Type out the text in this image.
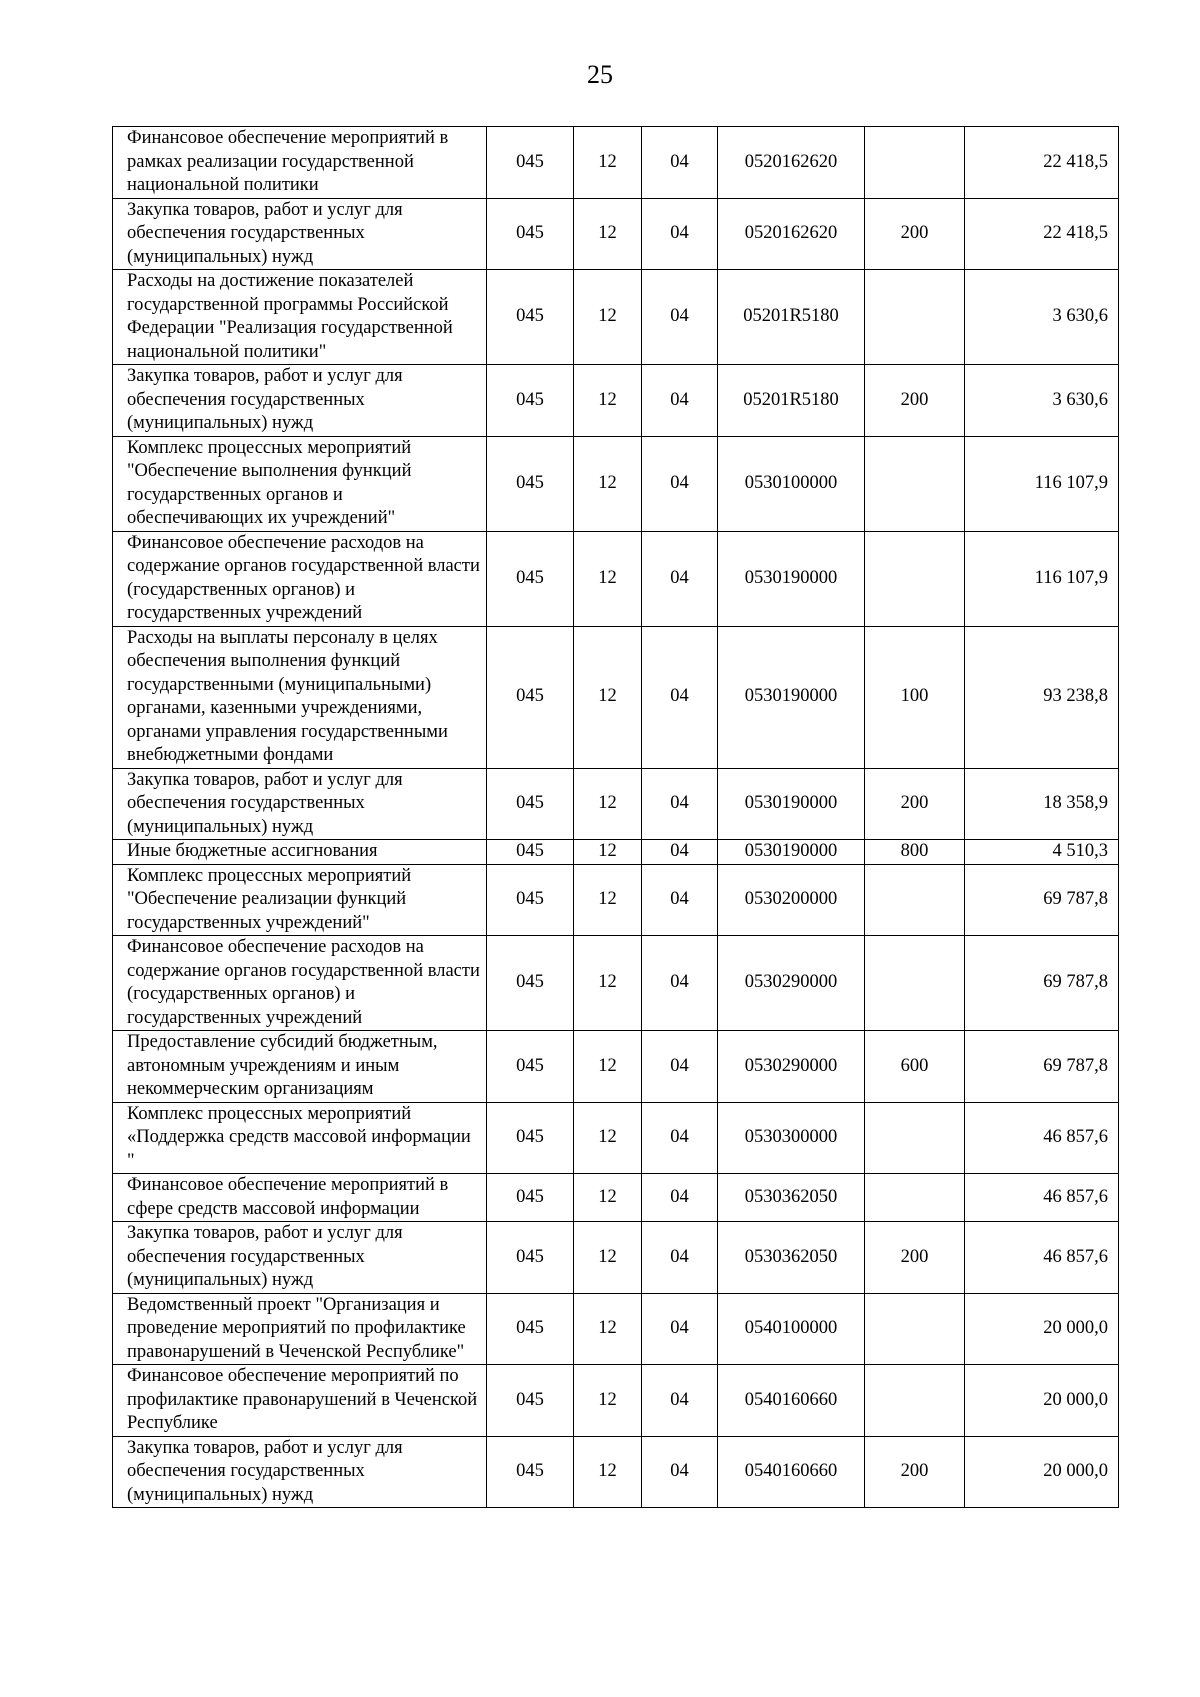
25
Финансовое обеспечение мероприятий в рамках реализации государственной национальной политики	045	12	04	0520162620		22 418,5
Закупка товаров, работ и услуг для обеспечения государственных (муниципальных) нужд	045	12	04	0520162620	200	22 418,5
Расходы на достижение показателей государственной программы Российской Федерации "Реализация государственной национальной политики"	045	12	04	05201R5180		3 630,6
Закупка товаров, работ и услуг для обеспечения государственных (муниципальных) нужд	045	12	04	05201R5180	200	3 630,6
Комплекс процессных мероприятий "Обеспечение выполнения функций государственных органов и обеспечивающих их учреждений"	045	12	04	0530100000		116 107,9
Финансовое обеспечение расходов на содержание органов государственной власти (государственных органов) и государственных учреждений	045	12	04	0530190000		116 107,9
Расходы на выплаты персоналу в целях обеспечения выполнения функций государственными (муниципальными) органами, казенными учреждениями, органами управления государственными внебюджетными фондами	045	12	04	0530190000	100	93 238,8
Закупка товаров, работ и услуг для обеспечения государственных (муниципальных) нужд	045	12	04	0530190000	200	18 358,9
Иные бюджетные ассигнования	045	12	04	0530190000	800	4 510,3
Комплекс процессных мероприятий "Обеспечение реализации функций государственных учреждений"	045	12	04	0530200000		69 787,8
Финансовое обеспечение расходов на содержание органов государственной власти (государственных органов) и государственных учреждений	045	12	04	0530290000		69 787,8
Предоставление субсидий бюджетным, автономным учреждениям и иным некоммерческим организациям	045	12	04	0530290000	600	69 787,8
Комплекс процессных мероприятий «Поддержка средств массовой информации "	045	12	04	0530300000		46 857,6
Финансовое обеспечение мероприятий в сфере средств массовой информации	045	12	04	0530362050		46 857,6
Закупка товаров, работ и услуг для обеспечения государственных (муниципальных) нужд	045	12	04	0530362050	200	46 857,6
Ведомственный проект "Организация и проведение мероприятий по профилактике правонарушений в Чеченской Республике"	045	12	04	0540100000		20 000,0
Финансовое обеспечение мероприятий по профилактике правонарушений в Чеченской Республике	045	12	04	0540160660		20 000,0
Закупка товаров, работ и услуг для обеспечения государственных (муниципальных) нужд	045	12	04	0540160660	200	20 000,0
